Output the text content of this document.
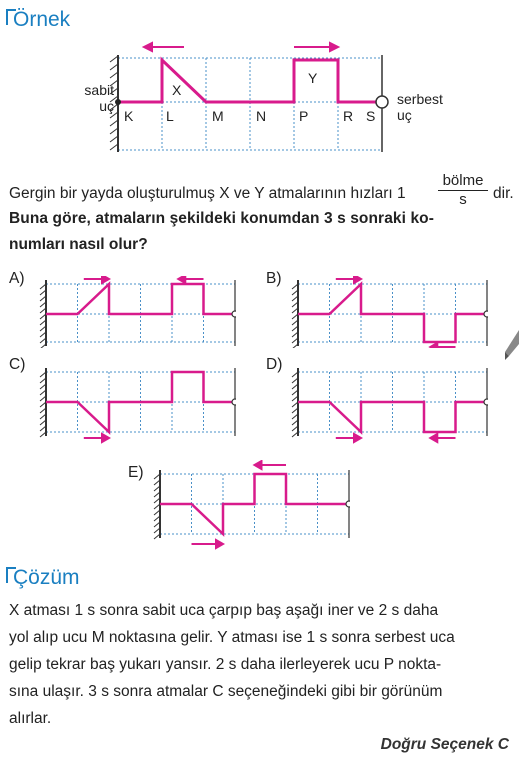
Örnek
sabit
uç	serbest
uç
X
Y
K L	M N P R S
Gergin bir yayda oluşturulmuş X ve Y atmalarının hızları 1
bölme
s	dir.
Buna göre, atmaların şekildeki konumdan 3 s sonraki ko-
numları nasıl olur?
A)	B)
C)	D)
E)
Çözüm
X atması 1 s sonra sabit uca çarpıp baş aşağı iner ve 2 s daha
yol alıp ucu M noktasına gelir. Y atması ise 1 s sonra serbest uca
gelip tekrar baş yukarı yansır. 2 s daha ilerleyerek ucu P nokta-
sına ulaşır. 3 s sonra atmalar C seçeneğindeki gibi bir görünüm
alırlar.
Doğru Seçenek C
